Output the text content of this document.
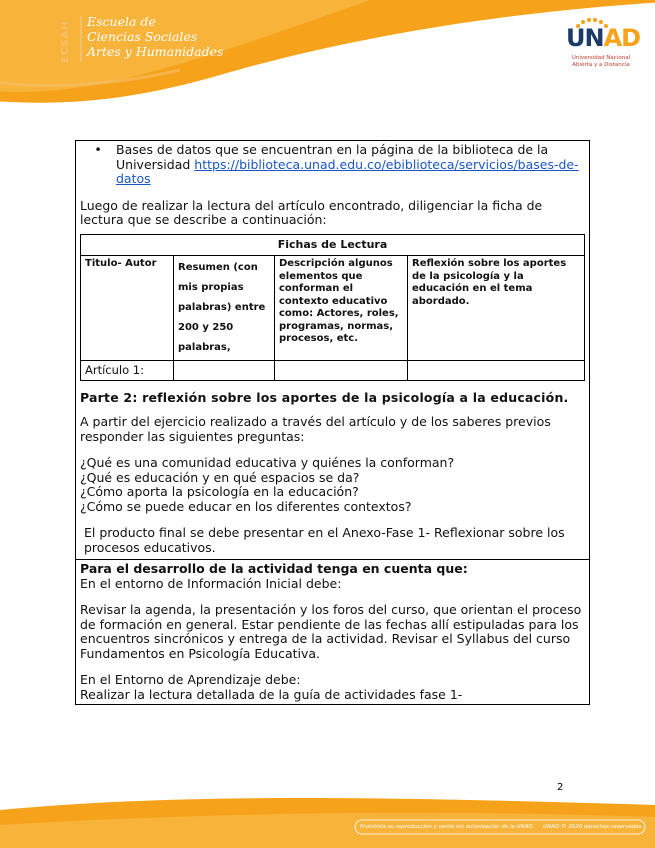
ECSAH	Escuela de
Ciencias Sociales
Artes y Humanidades	UNAD
Universidad Nacional
Abierta y a Distancia
•	Bases de datos que se encuentran en la página de la biblioteca de la Universidad https://biblioteca.unad.edu.co/ebiblioteca/servicios/bases-de-datos

Luego de realizar la lectura del artículo encontrado, diligenciar la ficha de lectura que se describe a continuación:

Fichas de Lectura			
Titulo- Autor	Resumen (con mis propias palabras) entre 200 y 250 palabras,	Descripción algunos elementos que conforman el contexto educativo como: Actores, roles, programas, normas, procesos, etc.	Reflexión sobre los aportes de la psicología y la educación en el tema abordado.
Artículo 1:			

Parte 2: reflexión sobre los aportes de la psicología a la educación.

A partir del ejercicio realizado a través del artículo y de los saberes previos responder las siguientes preguntas:

¿Qué es una comunidad educativa y quiénes la conforman?

¿Qué es educación y en qué espacios se da?

¿Cómo aporta la psicología en la educación?

¿Cómo se puede educar en los diferentes contextos?

El producto final se debe presentar en el Anexo-Fase 1- Reflexionar sobre los procesos educativos.

Para el desarrollo de la actividad tenga en cuenta que:

En el entorno de Información Inicial debe:

Revisar la agenda, la presentación y los foros del curso, que orientan el proceso de formación en general. Estar pendiente de las fechas allí estipuladas para los encuentros sincrónicos y entrega de la actividad. Revisar el Syllabus del curso Fundamentos en Psicología Educativa.

En el Entorno de Aprendizaje debe:

Realizar la lectura detallada de la guía de actividades fase 1-

2
Prohibida su reproducción y venta sin autorización de la UNAD. UNAD © 2020 derechos reservados.
